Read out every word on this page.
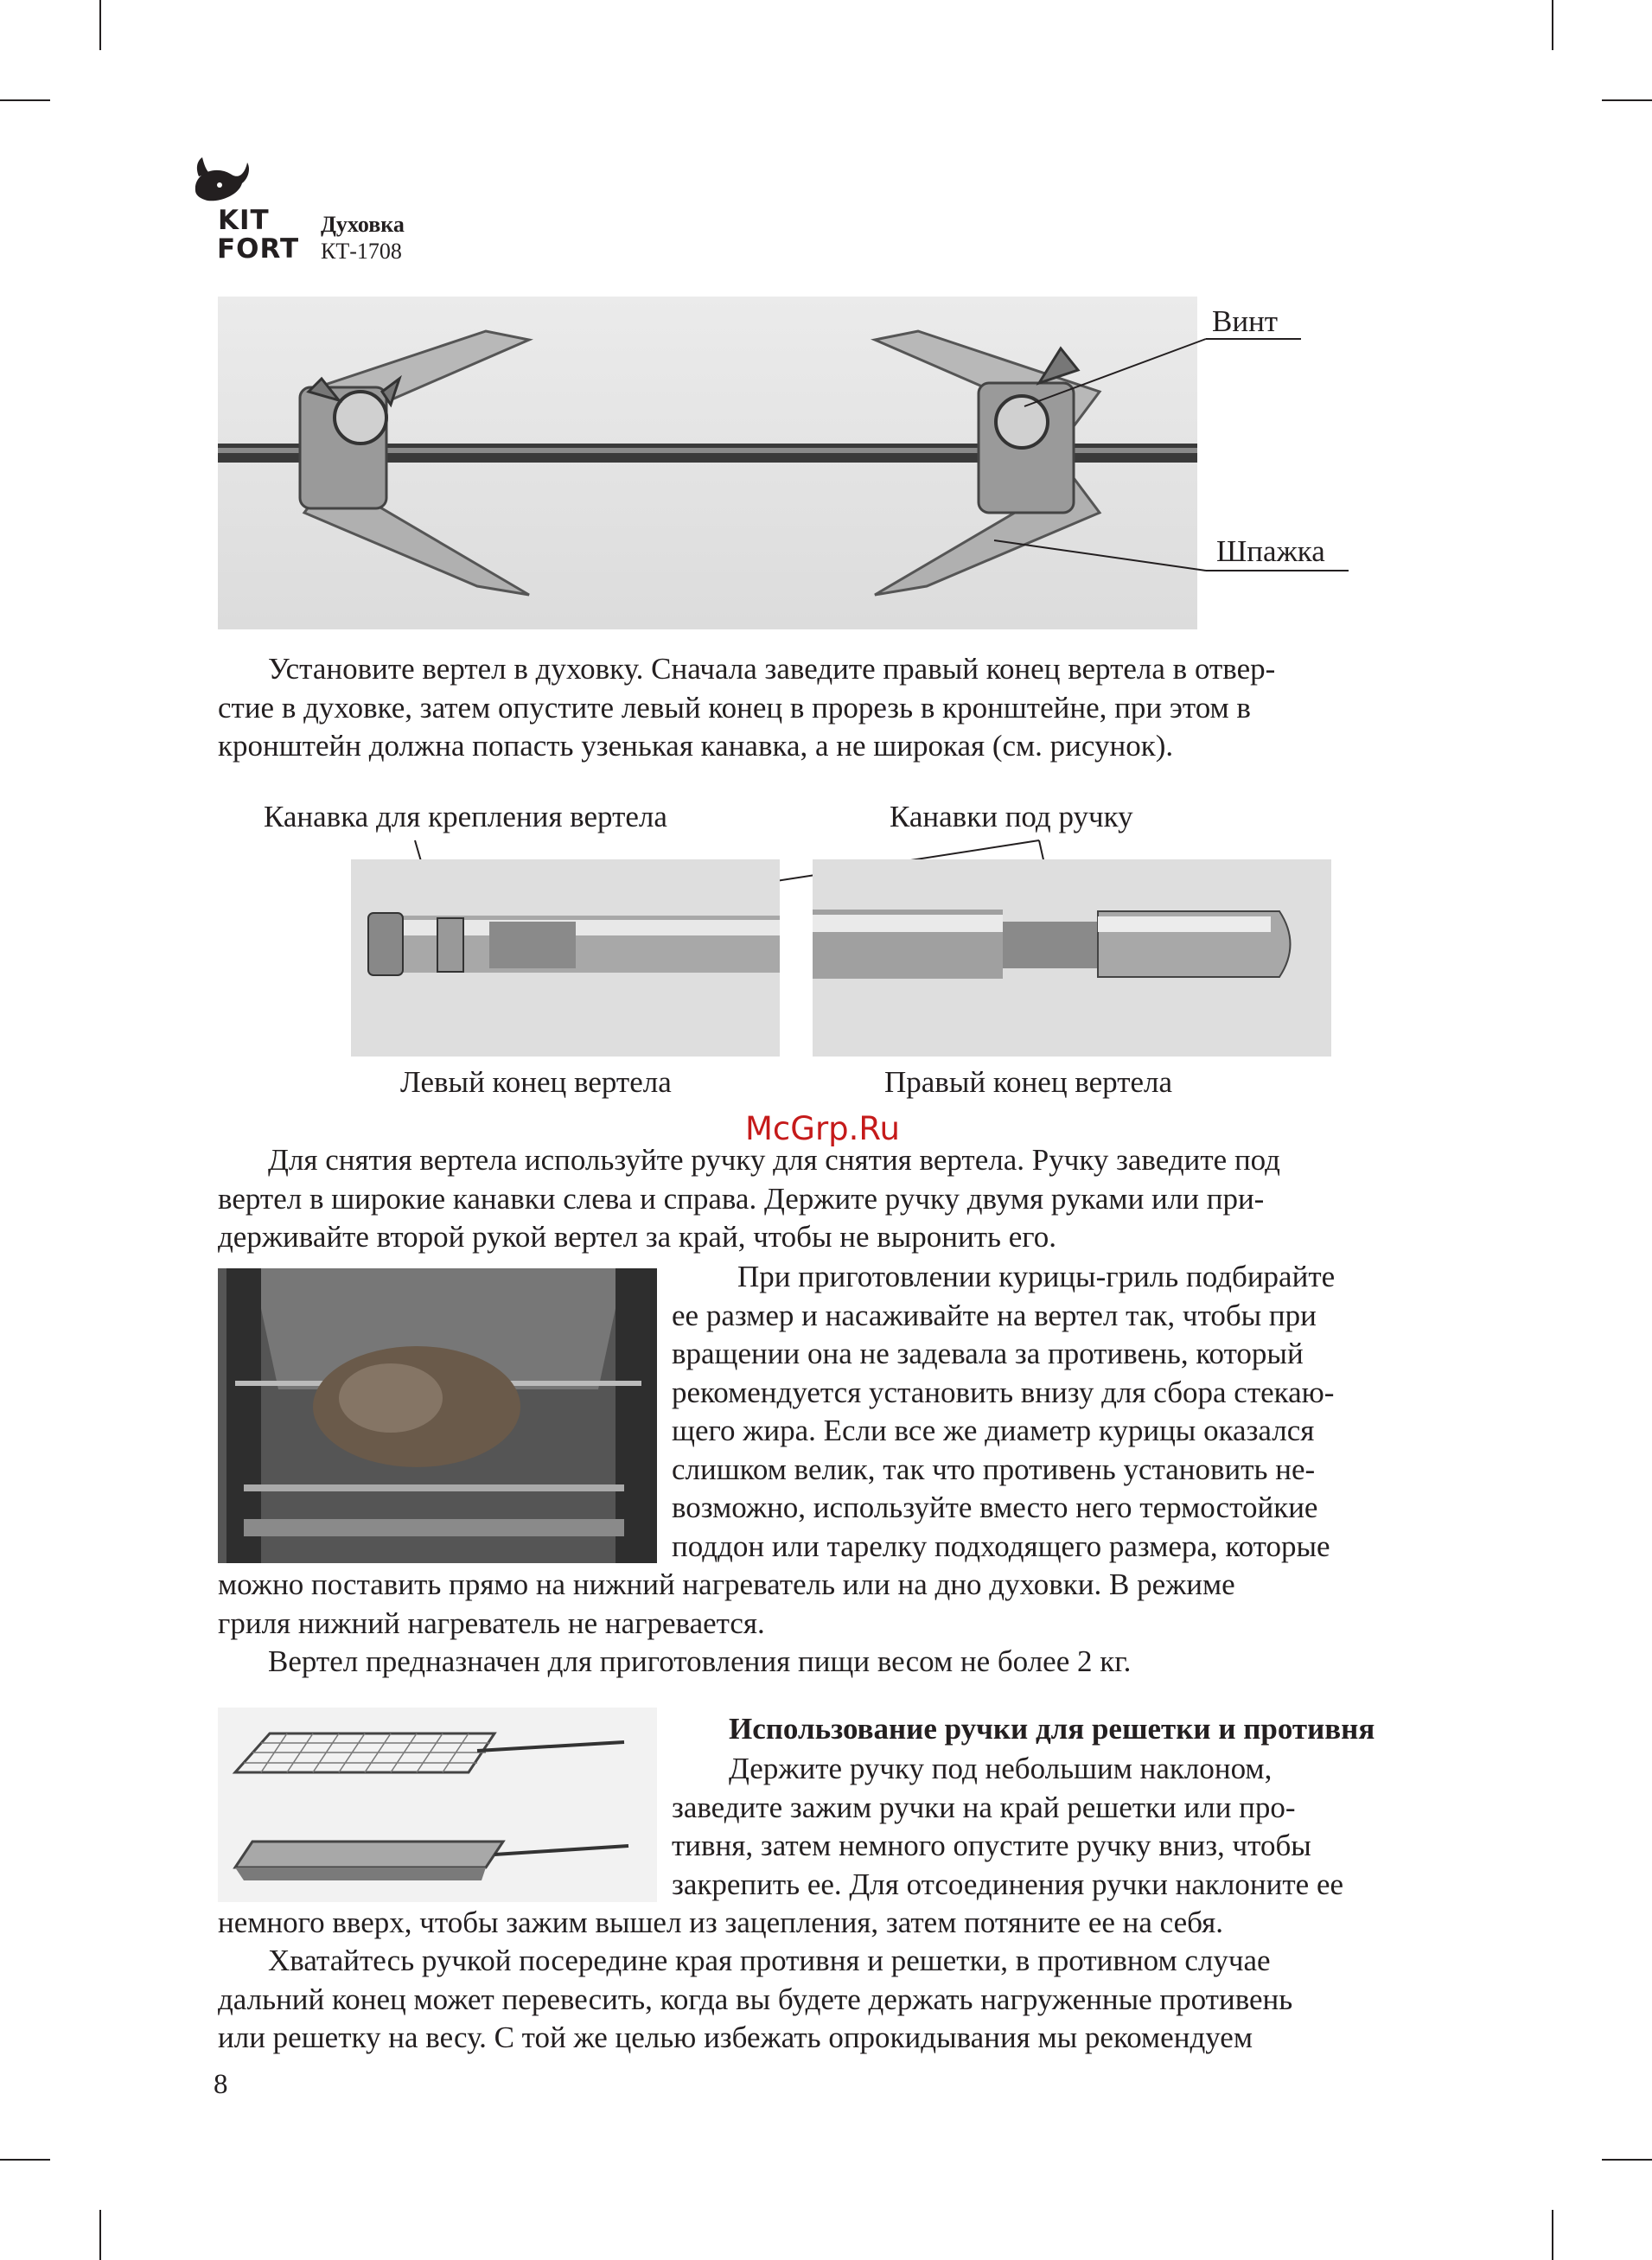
KIT
FORT
Духовка
КТ-1708
Винт
Шпажка
Установите вертел в духовку. Сначала заведите правый конец вертела в отвер-
стие в духовке, затем опустите левый конец в прорезь в кронштейне, при этом в
кронштейн должна попасть узенькая канавка, а не широкая (см. рисунок).
Канавка для крепления вертела	Канавки под ручку
Левый конец вертела	Правый конец вертела
McGrp.Ru
Для снятия вертела используйте ручку для снятия вертела. Ручку заведите под
вертел в широкие канавки слева и справа. Держите ручку двумя руками или при-
держивайте второй рукой вертел за край, чтобы не выронить его.
При приготовлении курицы-гриль подбирайте
ее размер и насаживайте на вертел так, чтобы при
вращении она не задевала за противень, который
рекомендуется установить внизу для сбора стекаю-
щего жира. Если все же диаметр курицы оказался
слишком велик, так что противень установить не-
возможно, используйте вместо него термостойкие
поддон или тарелку подходящего размера, которые
можно поставить прямо на нижний нагреватель или на дно духовки. В режиме
гриля нижний нагреватель не нагревается.
Вертел предназначен для приготовления пищи весом не более 2 кг.
Использование ручки для решетки и противня
Держите ручку под небольшим наклоном,
заведите зажим ручки на край решетки или про-
тивня, затем немного опустите ручку вниз, чтобы
закрепить ее. Для отсоединения ручки наклоните ее
немного вверх, чтобы зажим вышел из зацепления, затем потяните ее на себя.
Хватайтесь ручкой посередине края противня и решетки, в противном случае
дальний конец может перевесить, когда вы будете держать нагруженные противень
или решетку на весу. С той же целью избежать опрокидывания мы рекомендуем
8
